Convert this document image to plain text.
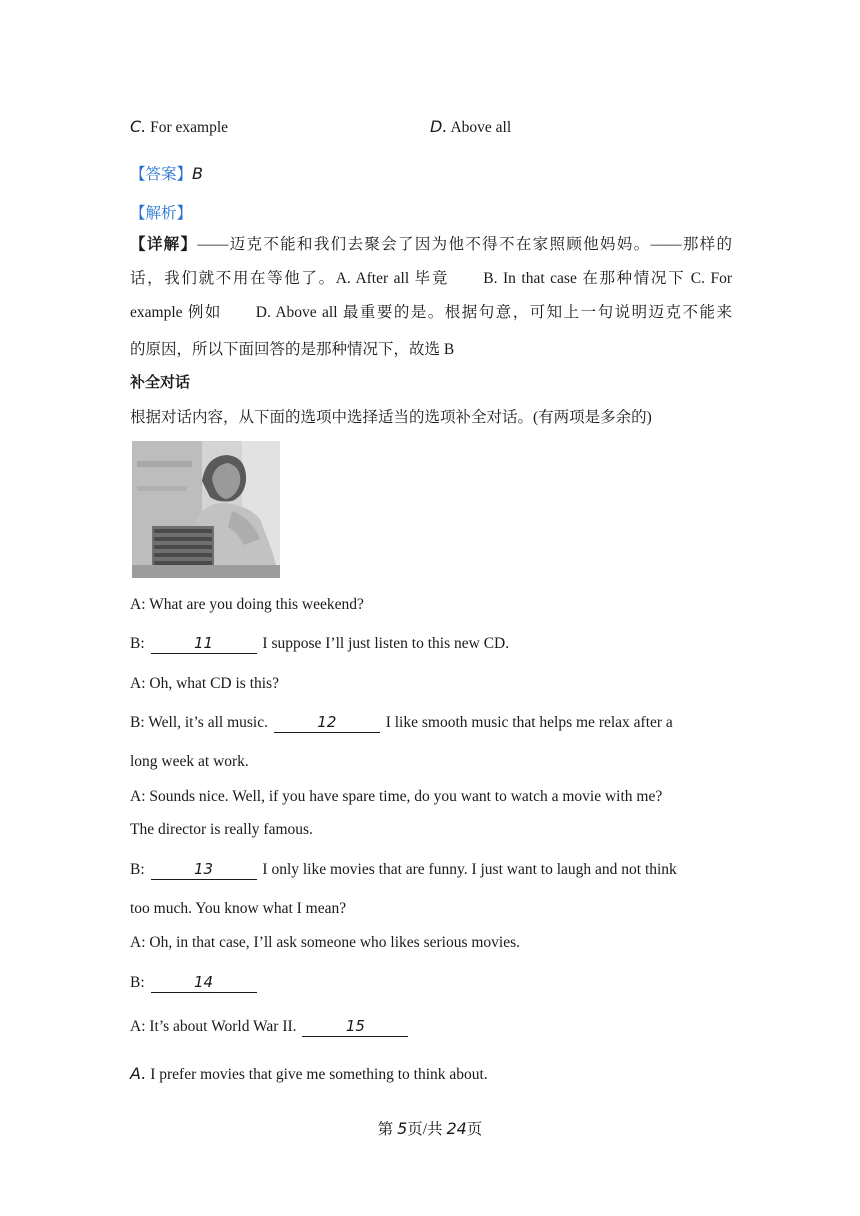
C. For example	D. Above all
【答案】B
【解析】
【详解】——迈克不能和我们去聚会了因为他不得不在家照顾他妈妈。——那样的
话，我们就不用在等他了。A. After all 毕竟　　B. In that case 在那种情况下 C. For
example 例如　　D. Above all 最重要的是。根据句意，可知上一句说明迈克不能来
的原因，所以下面回答的是那种情况下，故选 B
补全对话
根据对话内容，从下面的选项中选择适当的选项补全对话。(有两项是多余的)
A: What are you doing this weekend?
B:	11	I suppose I’ll just listen to this new CD.
A: Oh, what CD is this?
B: Well, it’s all music.	12	I like smooth music that helps me relax after a
long week at work.
A: Sounds nice. Well, if you have spare time, do you want to watch a movie with me?
The director is really famous.
B:	13	I only like movies that are funny. I just want to laugh and not think
too much. You know what I mean?
A: Oh, in that case, I’ll ask someone who likes serious movies.
B:	14
A: It’s about World War II.	15
A. I prefer movies that give me something to think about.
第 5页/共 24页
